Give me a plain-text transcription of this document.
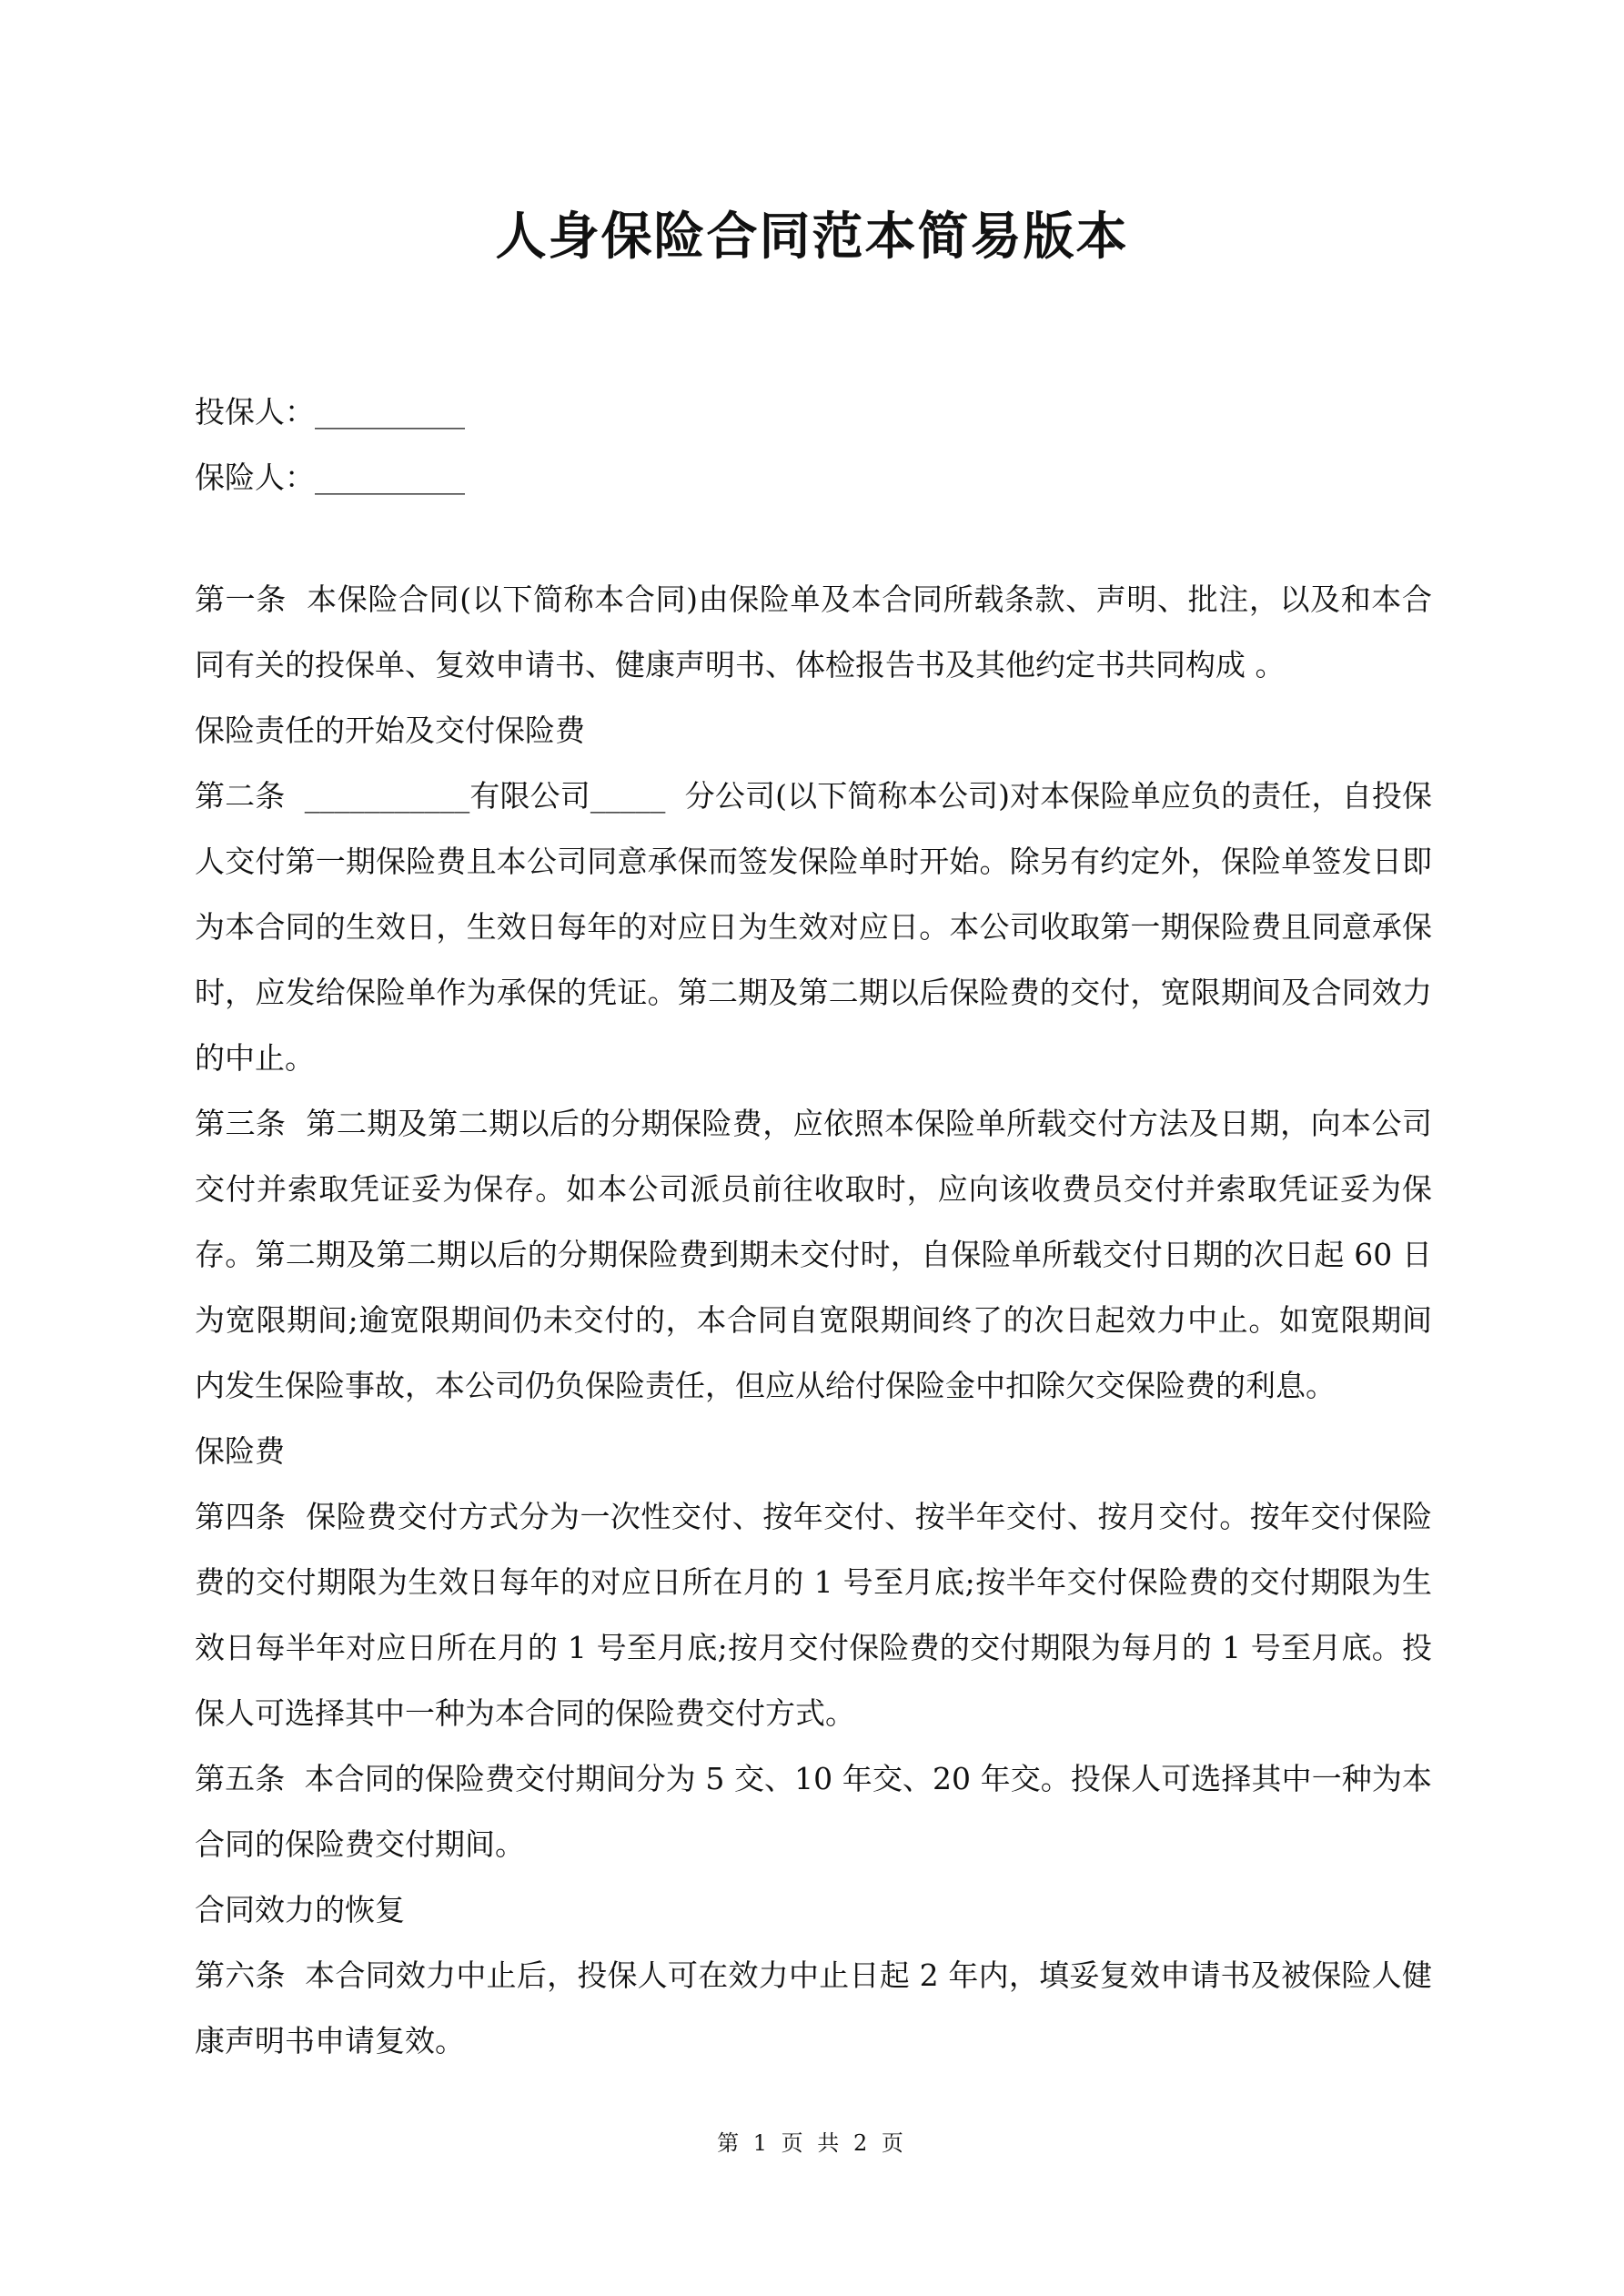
人身保险合同范本简易版本
投保人：__________
保险人：__________

第一条  本保险合同(以下简称本合同)由保险单及本合同所载条款、声明、批注，以及和本合同有关的投保单、复效申请书、健康声明书、体检报告书及其他约定书共同构成 。

保险责任的开始及交付保险费

第二条  ___________有限公司_____  分公司(以下简称本公司)对本保险单应负的责任，自投保人交付第一期保险费且本公司同意承保而签发保险单时开始。除另有约定外，保险单签发日即为本合同的生效日，生效日每年的对应日为生效对应日。本公司收取第一期保险费且同意承保时，应发给保险单作为承保的凭证。第二期及第二期以后保险费的交付，宽限期间及合同效力的中止。

第三条  第二期及第二期以后的分期保险费，应依照本保险单所载交付方法及日期，向本公司交付并索取凭证妥为保存。如本公司派员前往收取时，应向该收费员交付并索取凭证妥为保存。第二期及第二期以后的分期保险费到期未交付时，自保险单所载交付日期的次日起 60 日为宽限期间;逾宽限期间仍未交付的，本合同自宽限期间终了的次日起效力中止。如宽限期间内发生保险事故，本公司仍负保险责任，但应从给付保险金中扣除欠交保险费的利息。

保险费

第四条  保险费交付方式分为一次性交付、按年交付、按半年交付、按月交付。按年交付保险费的交付期限为生效日每年的对应日所在月的 1 号至月底;按半年交付保险费的交付期限为生效日每半年对应日所在月的 1 号至月底;按月交付保险费的交付期限为每月的 1 号至月底。投保人可选择其中一种为本合同的保险费交付方式。

第五条  本合同的保险费交付期间分为 5 交、10 年交、20 年交。投保人可选择其中一种为本合同的保险费交付期间。

合同效力的恢复

第六条  本合同效力中止后，投保人可在效力中止日起 2 年内，填妥复效申请书及被保险人健康声明书申请复效。

第 1 页 共 2 页
